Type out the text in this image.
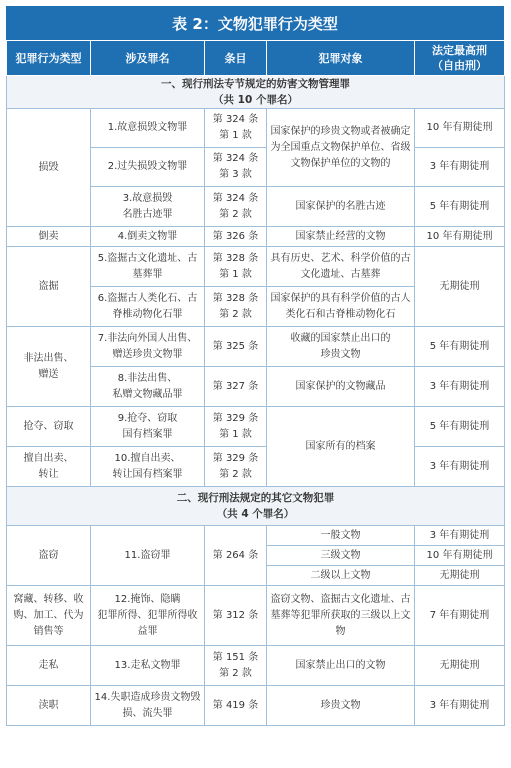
表 2：文物犯罪行为类型
犯罪行为类型	涉及罪名	条目	犯罪对象	法定最高刑
（自由刑）

一、现行刑法专节规定的妨害文物管理罪
（共 10 个罪名）				

损毁	1.故意损毁文物罪	第 324 条
第 1 款	国家保护的珍贵文物或者被确定为全国重点文物保护单位、省级文物保护单位的文物的	10 年有期徒刑
	2.过失损毁文物罪	第 324 条
第 3 款		3 年有期徒刑
	3.故意损毁
名胜古迹罪	第 324 条
第 2 款	国家保护的名胜古迹	5 年有期徒刑
倒卖	4.倒卖文物罪	第 326 条	国家禁止经营的文物	10 年有期徒刑
盗掘	5.盗掘古文化遗址、古墓葬罪	第 328 条
第 1 款	具有历史、艺术、科学价值的古文化遗址、古墓葬	无期徒刑
	6.盗掘古人类化石、古脊椎动物化石罪	第 328 条
第 2 款	国家保护的具有科学价值的古人类化石和古脊椎动物化石	
非法出售、
赠送	7.非法向外国人出售、赠送珍贵文物罪	第 325 条	收藏的国家禁止出口的
珍贵文物	5 年有期徒刑
	8.非法出售、
私赠文物藏品罪	第 327 条	国家保护的文物藏品	3 年有期徒刑
抢夺、窃取	9.抢夺、窃取
国有档案罪	第 329 条
第 1 款	国家所有的档案	5 年有期徒刑
擅自出卖、
转让	10.擅自出卖、
转让国有档案罪	第 329 条
第 2 款		3 年有期徒刑

二、现行刑法规定的其它文物犯罪
（共 4 个罪名）				

盗窃	11.盗窃罪	第 264 条	一般文物	3 年有期徒刑
			三级文物	10 年有期徒刑
			二级以上文物	无期徒刑
窝藏、转移、收购、加工、代为销售等	12.掩饰、隐瞒
犯罪所得、犯罪所得收益罪	第 312 条	盗窃文物、盗掘古文化遗址、古墓葬等犯罪所获取的三级以上文物	7 年有期徒刑
走私	13.走私文物罪	第 151 条
第 2 款	国家禁止出口的文物	无期徒刑
渎职	14.失职造成珍贵文物毁损、流失罪	第 419 条	珍贵文物	3 年有期徒刑
